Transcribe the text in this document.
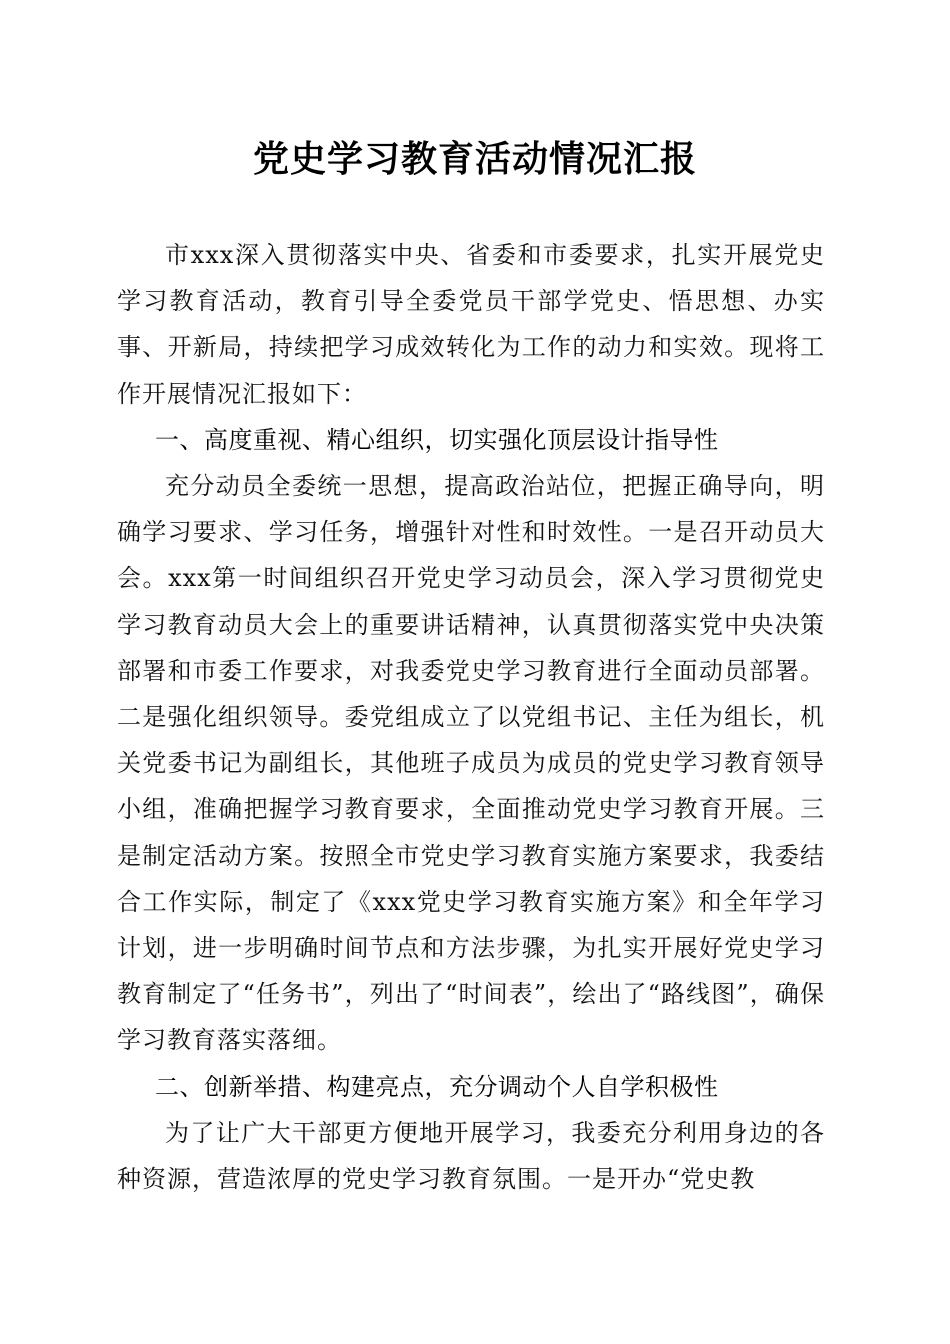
党史学习教育活动情况汇报

市xxx深入贯彻落实中央、省委和市委要求，扎实开展党史学习教育活动，教育引导全委党员干部学党史、悟思想、办实事、开新局，持续把学习成效转化为工作的动力和实效。现将工作开展情况汇报如下：

一、高度重视、精心组织，切实强化顶层设计指导性

充分动员全委统一思想，提高政治站位，把握正确导向，明确学习要求、学习任务，增强针对性和时效性。一是召开动员大会。xxx第一时间组织召开党史学习动员会，深入学习贯彻党史学习教育动员大会上的重要讲话精神，认真贯彻落实党中央决策部署和市委工作要求，对我委党史学习教育进行全面动员部署。二是强化组织领导。委党组成立了以党组书记、主任为组长，机关党委书记为副组长，其他班子成员为成员的党史学习教育领导小组，准确把握学习教育要求，全面推动党史学习教育开展。三是制定活动方案。按照全市党史学习教育实施方案要求，我委结合工作实际，制定了《xxx党史学习教育实施方案》和全年学习计划，进一步明确时间节点和方法步骤，为扎实开展好党史学习教育制定了“任务书”，列出了“时间表”，绘出了“路线图”，确保学习教育落实落细。

二、创新举措、构建亮点，充分调动个人自学积极性

为了让广大干部更方便地开展学习，我委充分利用身边的各种资源，营造浓厚的党史学习教育氛围。一是开办“党史教
